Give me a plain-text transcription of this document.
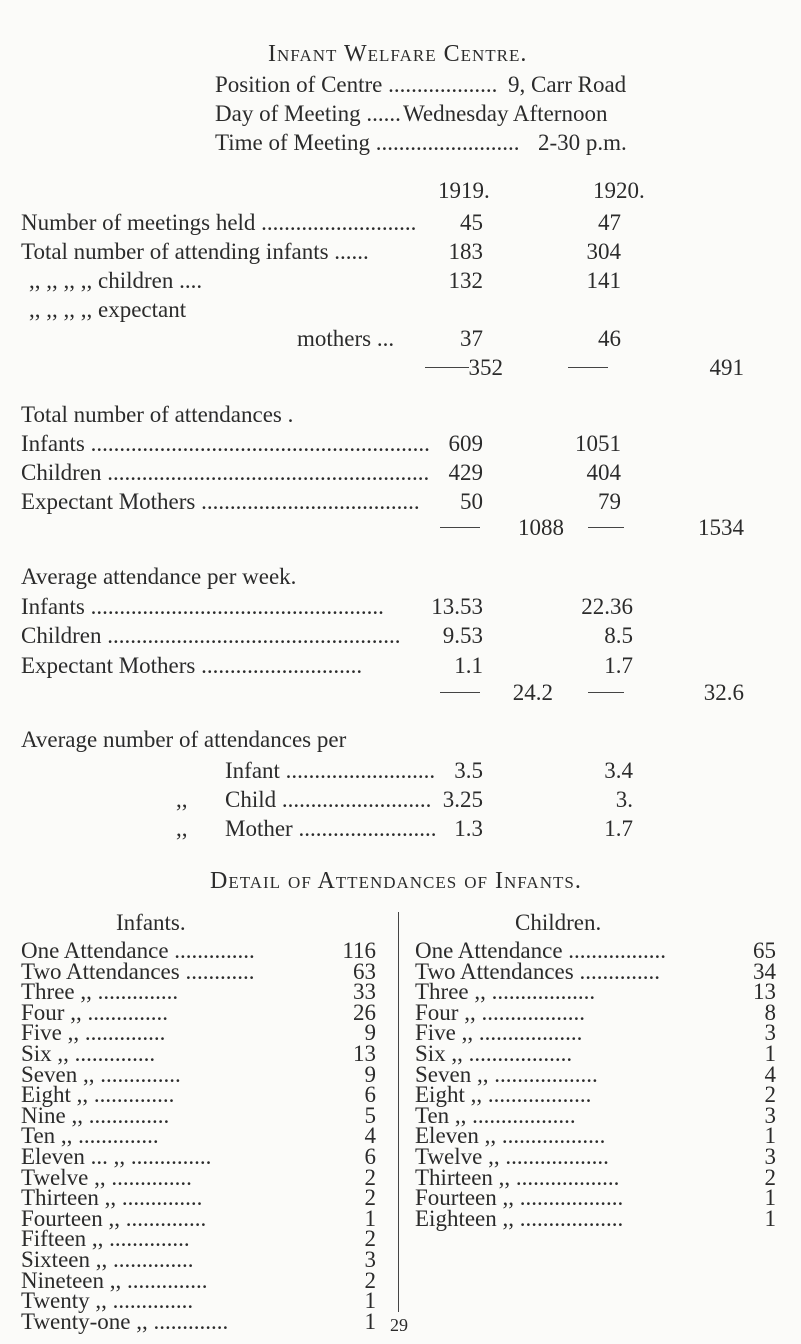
Infant Welfare Centre.
Position of Centre ................... 9, Carr Road
Day of Meeting ...... Wednesday Afternoon
Time of Meeting ......................... 2-30 p.m.
1919.	1920.
Number of meetings held ........................... 45	47
Total number of attending infants ......	183	304
,, ,, ,, ,, children ....	132	141
,, ,, ,, ,, expectant
mothers ...	37	46
352	491
Total number of attendances .
Infants ........................................................... 609	1051
Children ........................................................ 429	404
Expectant Mothers ...................................... 50	79
1088	1534
Average attendance per week.
Infants ................................................... 13.53	22.36
Children ................................................... 9.53	8.5
Expectant Mothers ............................	1.1	1.7
24.2	32.6
Average number of attendances per
Infant .......................... 3.5	3.4
,, Child .......................... 3.25	3.
,, Mother ........................ 1.3	1.7
Detail of Attendances of Infants.
Infants.	Children.
One Attendance ..............	116
Two Attendances ............	63
Three ,, ..............	33
Four ,, ..............	26
Five ,, ..............	9
Six ,, ..............	13
Seven ,, ..............	9
Eight ,, ..............	6
Nine ,, ..............	5
Ten ,, ..............	4
Eleven ... ,, ..............	6
Twelve ,, ..............	2
Thirteen ,, ..............	2
Fourteen ,, ..............	1
Fifteen ,, ..............	2
Sixteen ,, ..............	3
Nineteen ,, ..............	2
Twenty ,, ..............	1
Twenty-one ,, .............	1
One Attendance .................	65
Two Attendances ..............	34
Three ,, ..................	13
Four ,, ..................	8
Five ,, ..................	3
Six ,, ..................	1
Seven ,, ..................	4
Eight ,, ..................	2
Ten ,, ..................	3
Eleven ,, ..................	1
Twelve ,, ..................	3
Thirteen ,, ..................	2
Fourteen ,, ..................	1
Eighteen ,, ..................	1
29
